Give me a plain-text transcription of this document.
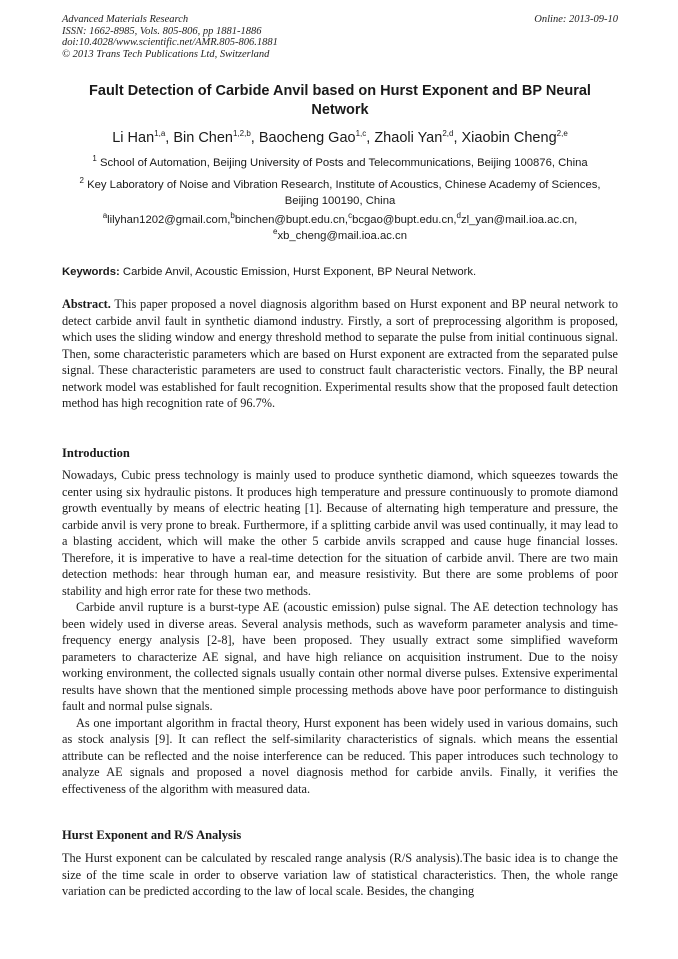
Advanced Materials Research
ISSN: 1662-8985, Vols. 805-806, pp 1881-1886
doi:10.4028/www.scientific.net/AMR.805-806.1881
© 2013 Trans Tech Publications Ltd, Switzerland
Online: 2013-09-10
Fault Detection of Carbide Anvil based on Hurst Exponent and BP Neural Network
Li Han$^{1,a}$, Bin Chen$^{1,2,b}$, Baocheng Gao$^{1,c}$, Zhaoli Yan$^{2,d}$, Xiaobin Cheng$^{2,e}$
$^1$ School of Automation, Beijing University of Posts and Telecommunications, Beijing 100876, China
$^2$ Key Laboratory of Noise and Vibration Research, Institute of Acoustics, Chinese Academy of Sciences, Beijing 100190, China
$^a$lilyhan1202@gmail.com,$^b$binchen@bupt.edu.cn,$^c$bcgao@bupt.edu.cn,$^d$zl_yan@mail.ioa.ac.cn,
$^e$xb_cheng@mail.ioa.ac.cn
Keywords: Carbide Anvil, Acoustic Emission, Hurst Exponent, BP Neural Network.
Abstract. This paper proposed a novel diagnosis algorithm based on Hurst exponent and BP neural network to detect carbide anvil fault in synthetic diamond industry. Firstly, a sort of preprocessing algorithm is proposed, which uses the sliding window and energy threshold method to separate the pulse from initial continuous signal. Then, some characteristic parameters which are based on Hurst exponent are extracted from the separated pulse signal. These characteristic parameters are used to construct fault characteristic vectors. Finally, the BP neural network model was established for fault recognition. Experimental results show that the proposed fault detection method has high recognition rate of 96.7%.
Introduction

Nowadays, Cubic press technology is mainly used to produce synthetic diamond, which squeezes towards the center using six hydraulic pistons. It produces high temperature and pressure continuously to promote diamond growth eventually by means of electric heating [1]. Because of alternating high temperature and pressure, the carbide anvil is very prone to break. Furthermore, if a splitting carbide anvil was used continually, it may lead to a blasting accident, which will make the other 5 carbide anvils scrapped and cause huge financial losses. Therefore, it is imperative to have a real-time detection for the situation of carbide anvil. There are two main detection methods: hear through human ear, and measure resistivity. But there are some problems of poor stability and high error rate for these two methods.

Carbide anvil rupture is a burst-type AE (acoustic emission) pulse signal. The AE detection technology has been widely used in diverse areas. Several analysis methods, such as waveform parameter analysis and time-frequency energy analysis [2-8], have been proposed. They usually extract some simplified waveform parameters to characterize AE signal, and have high reliance on acquisition instrument. Due to the noisy working environment, the collected signals usually contain other normal diverse pulses. Extensive experimental results have shown that the mentioned simple processing methods above have poor performance to distinguish fault and normal pulse signals.

As one important algorithm in fractal theory, Hurst exponent has been widely used in various domains, such as stock analysis [9]. It can reflect the self-similarity characteristics of signals. which means the essential attribute can be reflected and the noise interference can be reduced. This paper introduces such technology to analyze AE signals and proposed a novel diagnosis method for carbide anvils. Finally, it verifies the effectiveness of the algorithm with measured data.

Hurst Exponent and R/S Analysis

The Hurst exponent can be calculated by rescaled range analysis (R/S analysis).The basic idea is to change the size of the time scale in order to observe variation law of statistical characteristics. Then, the whole range variation can be predicted according to the law of local scale. Besides, the changing
